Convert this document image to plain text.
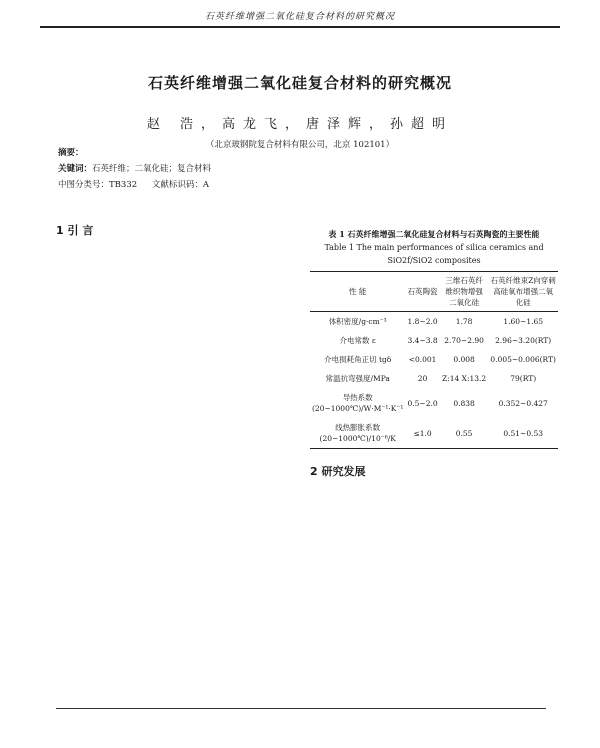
石英纤维增强二氧化硅复合材料的研究概况
石英纤维增强二氧化硅复合材料的研究概况
赵 浩，高龙飞，唐泽辉，孙超明
（北京玻钢院复合材料有限公司，北京 102101）
摘要：
关键词：石英纤维；二氧化硅；复合材料
中图分类号：TB332 文献标识码：A
1 引 言	表 1 石英纤维增强二氧化硅复合材料与石英陶瓷的主要性能
Table 1 The main performances of silica ceramics and SiO2f/SiO2 composites
性 能	石英陶瓷	三维石英纤维织物增强二氧化硅	石英纤维束Z向穿刺高硅氧布增强二氧化硅
体积密度/g·cm⁻³	1.8~2.0	1.78	1.60~1.65
介电常数 ε	3.4~3.8	2.70~2.90	2.96~3.20(RT)
介电损耗角正切 tgδ	<0.001	0.008	0.005~0.006(RT)
常温抗弯强度/MPa	20	Z:14 X:13.2	79(RT)
导热系数 (20~1000℃)/W·M⁻¹·K⁻¹	0.5~2.0	0.838	0.352~0.427
线热膨胀系数 (20~1000℃)/10⁻⁶/K	≤1.0	0.55	0.51~0.53
2 研究发展
